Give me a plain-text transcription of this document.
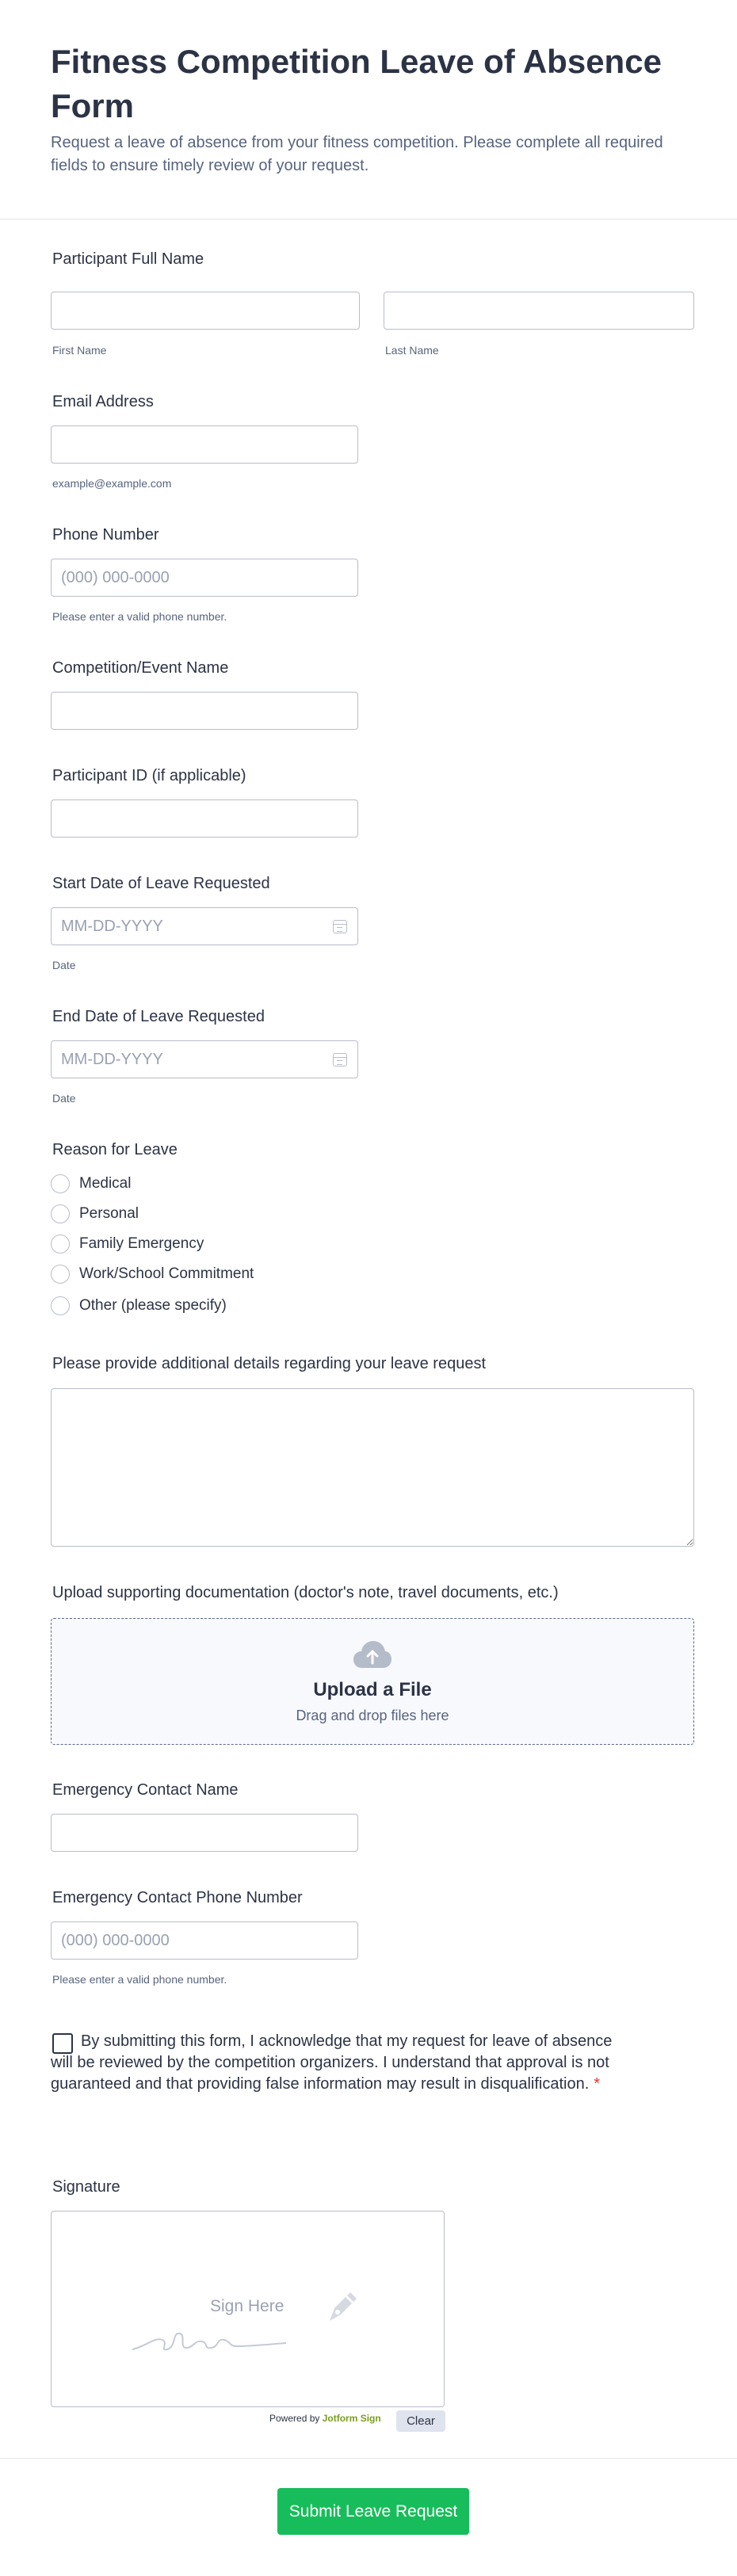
Fitness Competition Leave of Absence Form

Request a leave of absence from your fitness competition. Please complete all required fields to ensure timely review of your request.

Participant Full Name
First Name	Last Name
Email Address
example@example.com
Phone Number
(000) 000-0000
Please enter a valid phone number.
Competition/Event Name
Participant ID (if applicable)
Start Date of Leave Requested
MM-DD-YYYY
Date
End Date of Leave Requested
MM-DD-YYYY
Date
Reason for Leave
Medical
Personal
Family Emergency
Work/School Commitment
Other (please specify)
Please provide additional details regarding your leave request
Upload supporting documentation (doctor's note, travel documents, etc.)
Upload a File
Drag and drop files here
Emergency Contact Name
Emergency Contact Phone Number
(000) 000-0000
Please enter a valid phone number.

By submitting this form, I acknowledge that my request for leave of absence will be reviewed by the competition organizers. I understand that approval is not guaranteed and that providing false information may result in disqualification. *

Signature
Sign Here
Powered by Jotform Sign	Clear
Submit Leave Request
